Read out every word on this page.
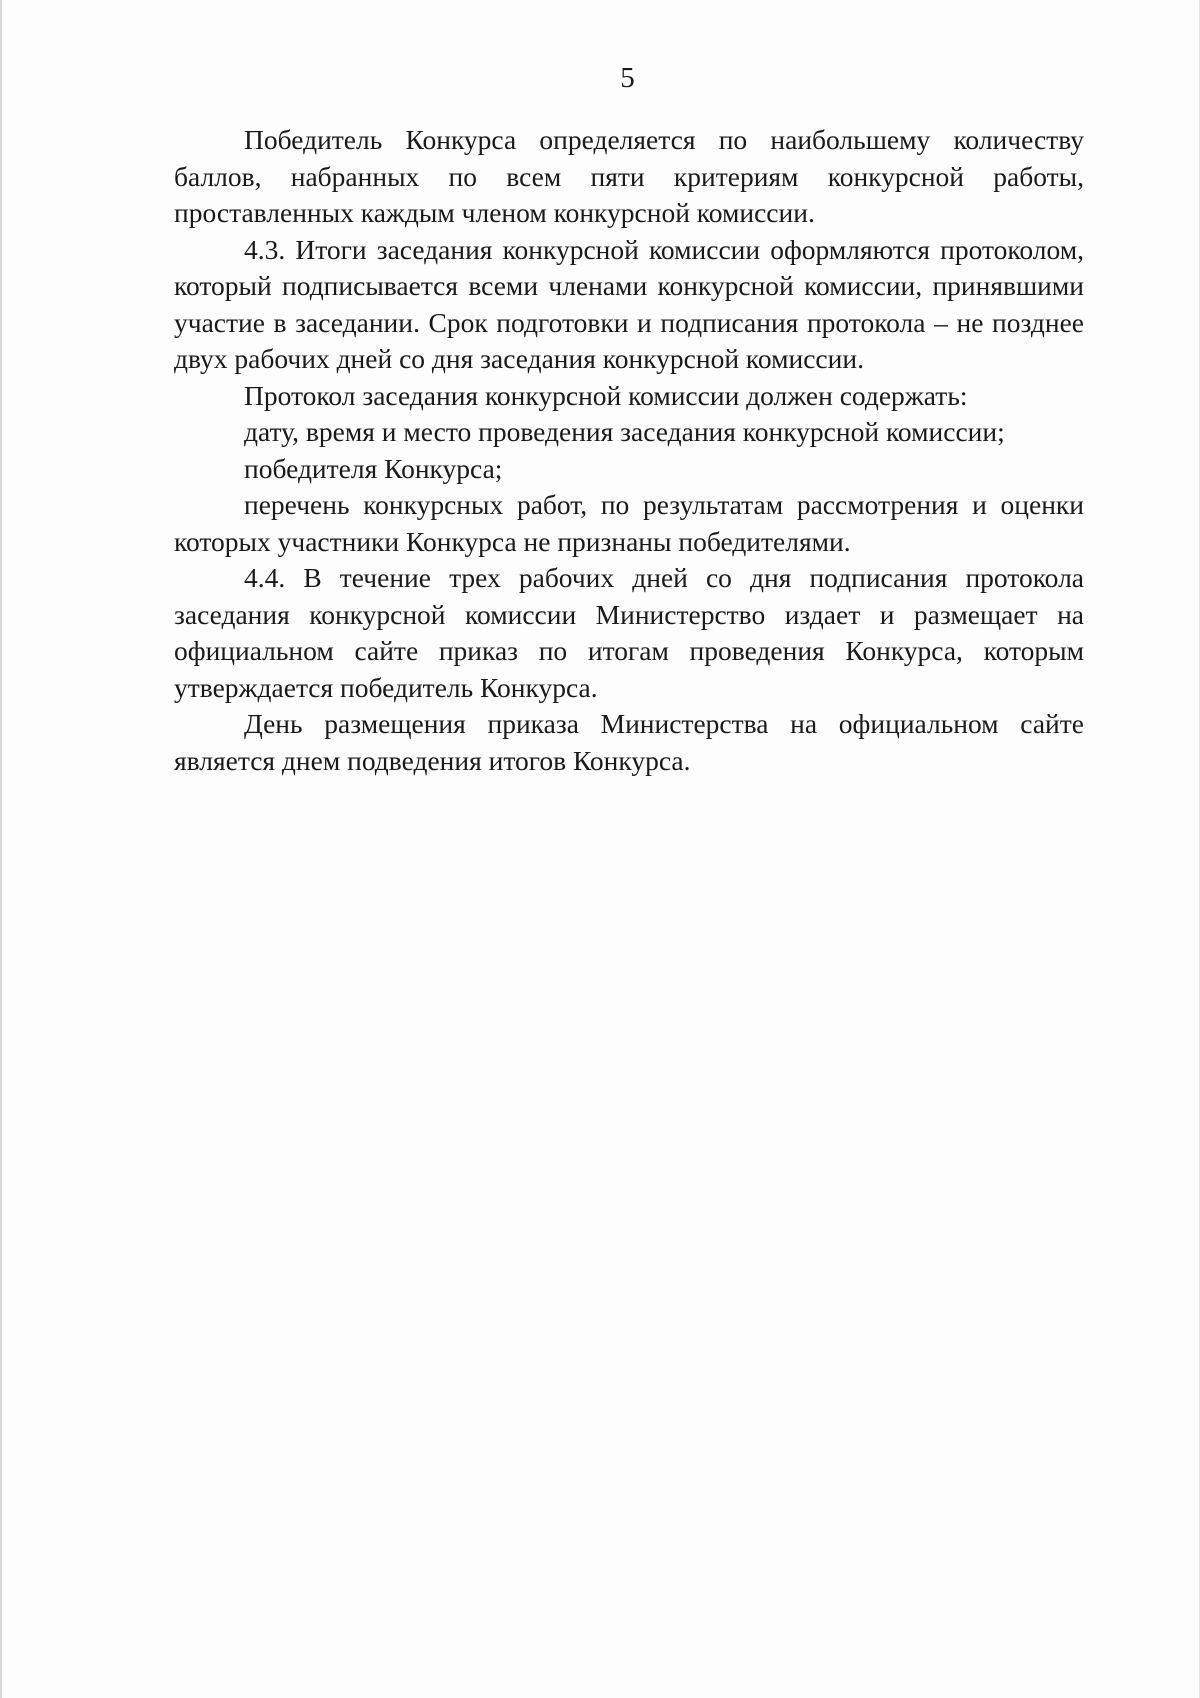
5

Победитель Конкурса определяется по наибольшему количеству баллов, набранных по всем пяти критериям конкурсной работы, проставленных каждым членом конкурсной комиссии.

4.3. Итоги заседания конкурсной комиссии оформляются протоколом, который подписывается всеми членами конкурсной комиссии, принявшими участие в заседании. Срок подготовки и подписания протокола – не позднее двух рабочих дней со дня заседания конкурсной комиссии.

Протокол заседания конкурсной комиссии должен содержать:

дату, время и место проведения заседания конкурсной комиссии;

победителя Конкурса;

перечень конкурсных работ, по результатам рассмотрения и оценки которых участники Конкурса не признаны победителями.

4.4. В течение трех рабочих дней со дня подписания протокола заседания конкурсной комиссии Министерство издает и размещает на официальном сайте приказ по итогам проведения Конкурса, которым утверждается победитель Конкурса.

День размещения приказа Министерства на официальном сайте является днем подведения итогов Конкурса.
